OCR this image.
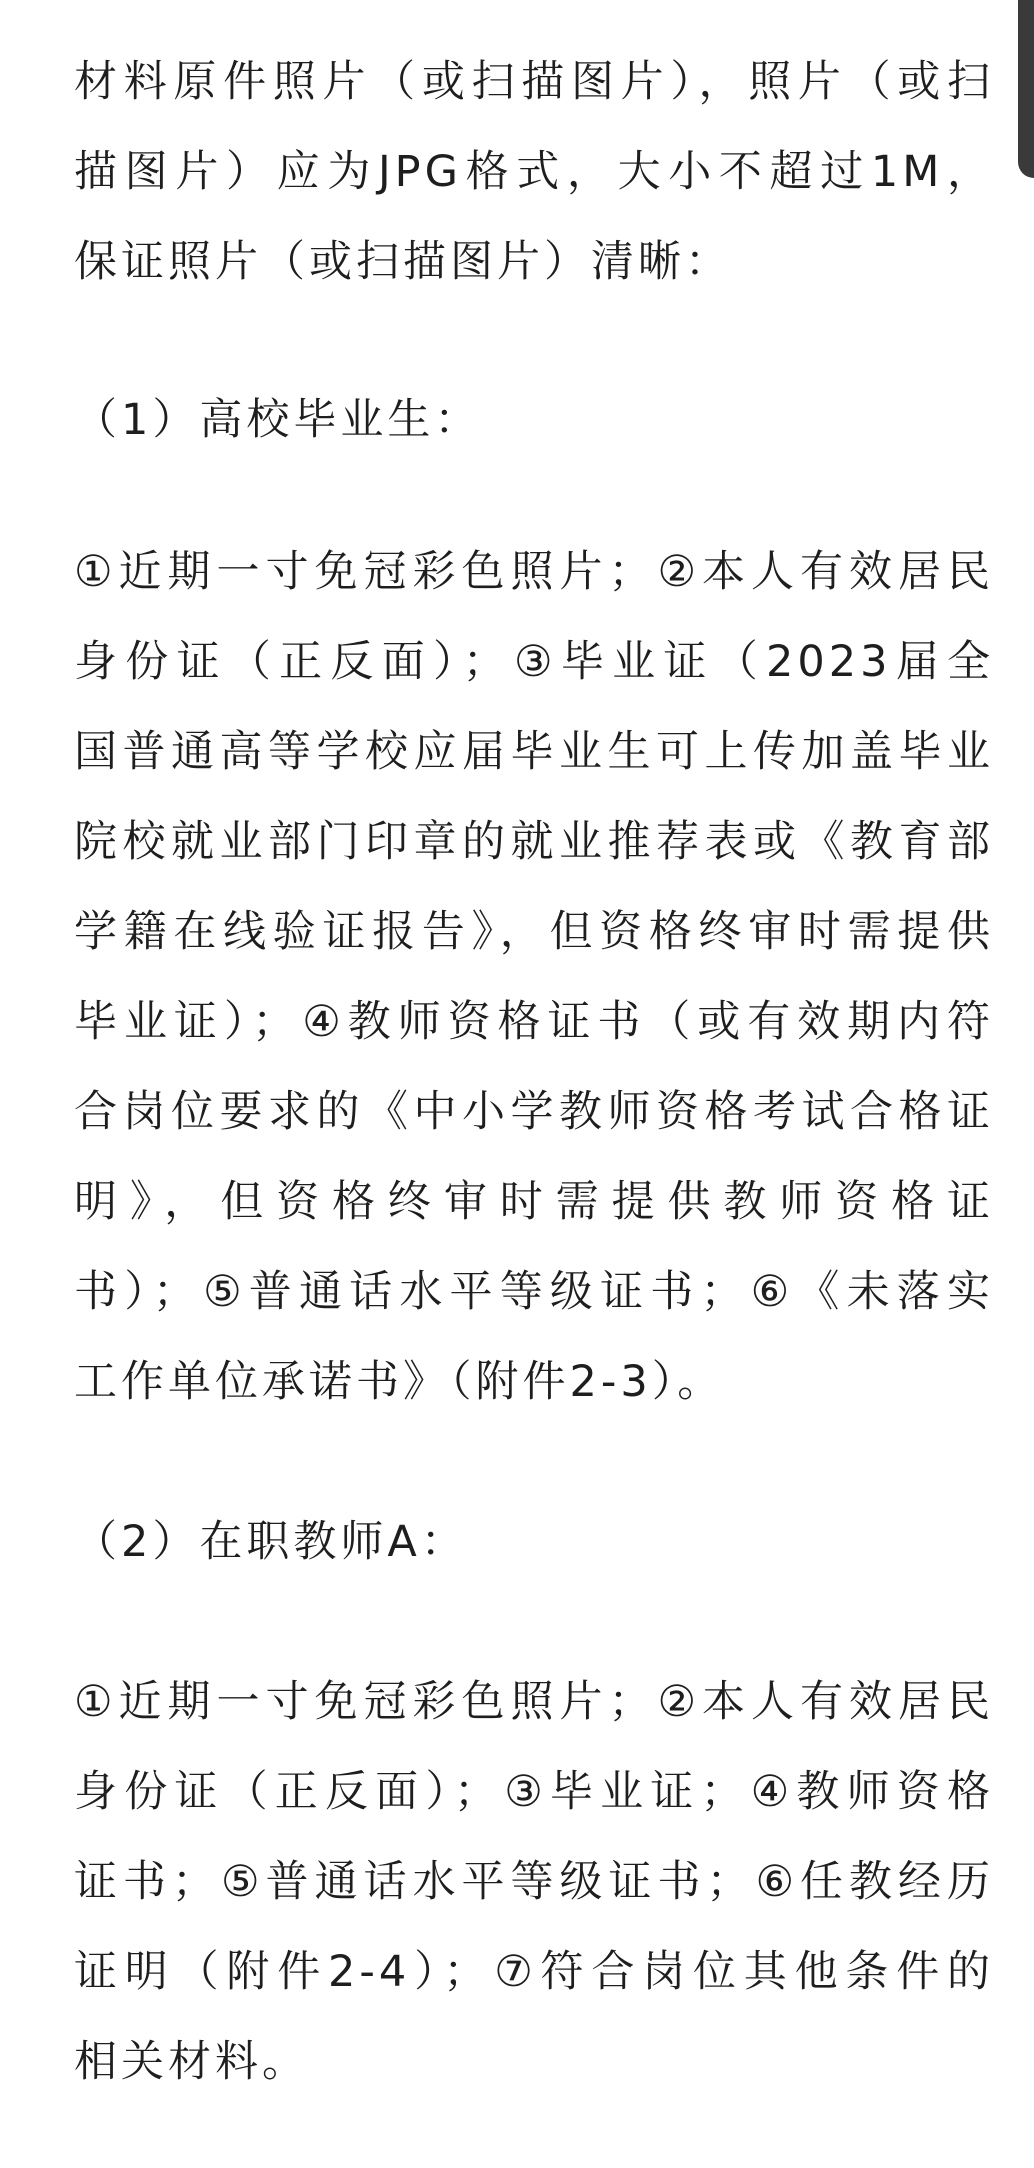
材料原件照片（或扫描图片），照片（或扫
描图片）应为JPG格式，大小不超过1M，
保证照片（或扫描图片）清晰：
（1）高校毕业生：
①近期一寸免冠彩色照片；②本人有效居民
身份证（正反面）；③毕业证（2023届全
国普通高等学校应届毕业生可上传加盖毕业
院校就业部门印章的就业推荐表或《教育部
学籍在线验证报告》，但资格终审时需提供
毕业证）；④教师资格证书（或有效期内符
合岗位要求的《中小学教师资格考试合格证
明》，但资格终审时需提供教师资格证
书）；⑤普通话水平等级证书；⑥《未落实
工作单位承诺书》（附件2-3）。
（2）在职教师A：
①近期一寸免冠彩色照片；②本人有效居民
身份证（正反面）；③毕业证；④教师资格
证书；⑤普通话水平等级证书；⑥任教经历
证明（附件2-4）；⑦符合岗位其他条件的
相关材料。
